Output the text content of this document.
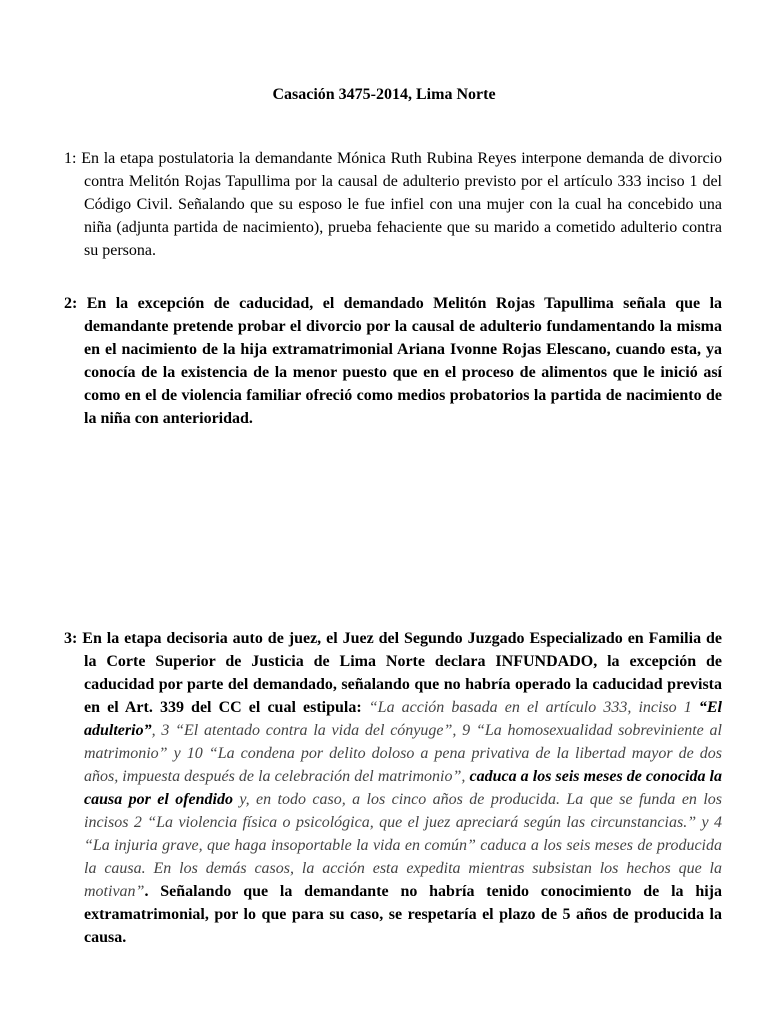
Casación 3475-2014, Lima Norte
1: En la etapa postulatoria la demandante Mónica Ruth Rubina Reyes interpone demanda de divorcio contra Melitón Rojas Tapullima por la causal de adulterio previsto por el artículo 333 inciso 1 del Código Civil. Señalando que su esposo le fue infiel con una mujer con la cual ha concebido una niña (adjunta partida de nacimiento), prueba fehaciente que su marido a cometido adulterio contra su persona.
2: En la excepción de caducidad, el demandado Melitón Rojas Tapullima señala que la demandante pretende probar el divorcio por la causal de adulterio fundamentando la misma en el nacimiento de la hija extramatrimonial Ariana Ivonne Rojas Elescano, cuando esta, ya conocía de la existencia de la menor puesto que en el proceso de alimentos que le inició así como en el de violencia familiar ofreció como medios probatorios la partida de nacimiento de la niña con anterioridad.
3: En la etapa decisoria auto de juez, el Juez del Segundo Juzgado Especializado en Familia de la Corte Superior de Justicia de Lima Norte declara INFUNDADO, la excepción de caducidad por parte del demandado, señalando que no habría operado la caducidad prevista en el Art. 339 del CC el cual estipula: “La acción basada en el artículo 333, inciso 1 “El adulterio”, 3 “El atentado contra la vida del cónyuge”, 9 “La homosexualidad sobreviniente al matrimonio” y 10 “La condena por delito doloso a pena privativa de la libertad mayor de dos años, impuesta después de la celebración del matrimonio”, caduca a los seis meses de conocida la causa por el ofendido y, en todo caso, a los cinco años de producida. La que se funda en los incisos 2 “La violencia física o psicológica, que el juez apreciará según las circunstancias.” y 4 “La injuria grave, que haga insoportable la vida en común” caduca a los seis meses de producida la causa. En los demás casos, la acción esta expedita mientras subsistan los hechos que la motivan”. Señalando que la demandante no habría tenido conocimiento de la hija extramatrimonial, por lo que para su caso, se respetaría el plazo de 5 años de producida la causa.
